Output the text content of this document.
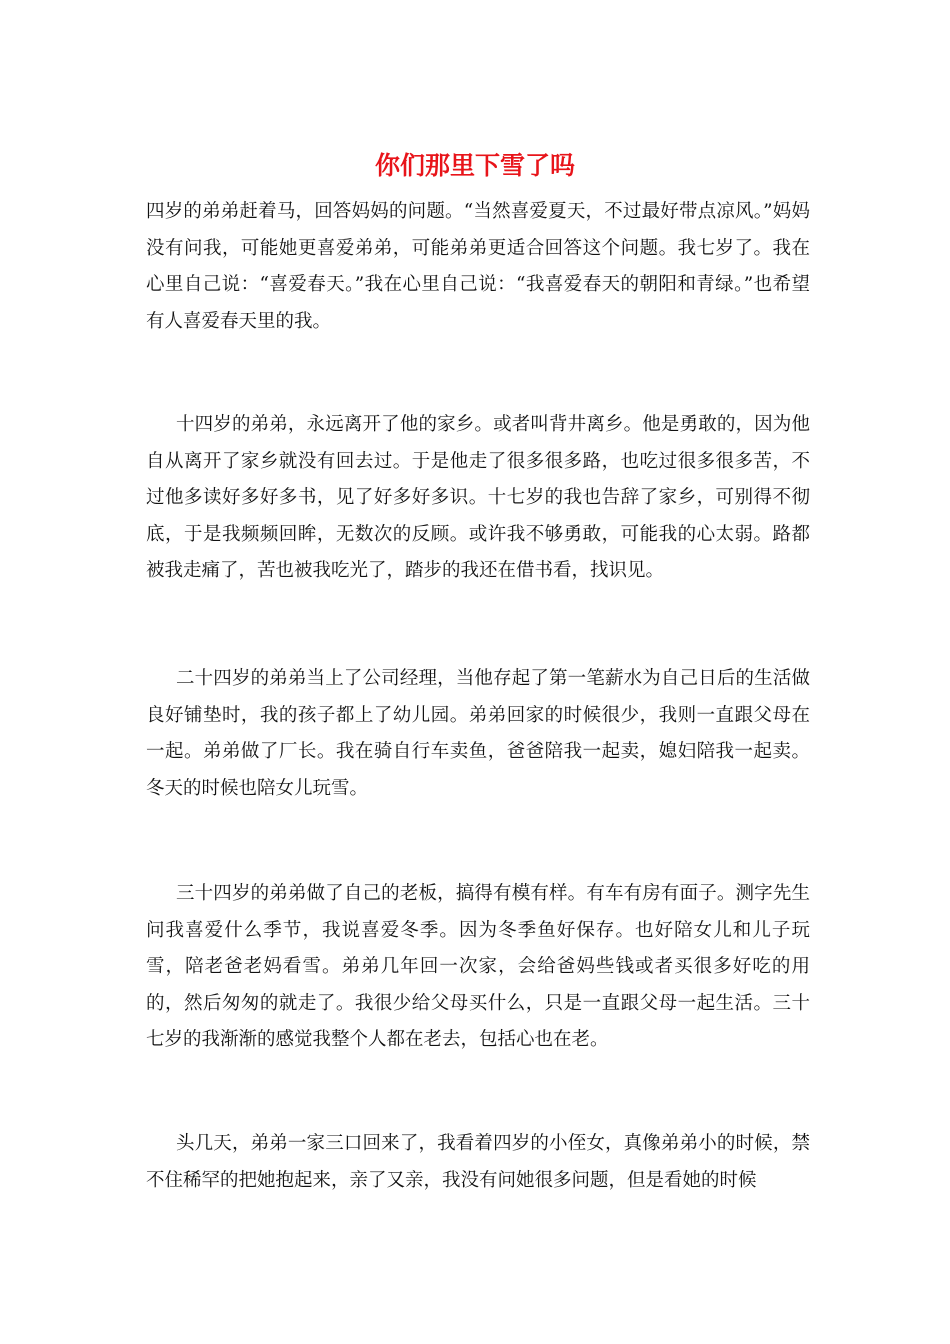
你们那里下雪了吗

四岁的弟弟赶着马，回答妈妈的问题。“当然喜爱夏天，不过最好带点凉风。”妈妈没有问我，可能她更喜爱弟弟，可能弟弟更适合回答这个问题。我七岁了。我在心里自己说：“喜爱春天。”我在心里自己说：“我喜爱春天的朝阳和青绿。”也希望有人喜爱春天里的我。

十四岁的弟弟，永远离开了他的家乡。或者叫背井离乡。他是勇敢的，因为他自从离开了家乡就没有回去过。于是他走了很多很多路，也吃过很多很多苦，不过他多读好多好多书，见了好多好多识。十七岁的我也告辞了家乡，可别得不彻底，于是我频频回眸，无数次的反顾。或许我不够勇敢，可能我的心太弱。路都被我走痛了，苦也被我吃光了，踏步的我还在借书看，找识见。

二十四岁的弟弟当上了公司经理，当他存起了第一笔薪水为自己日后的生活做良好铺垫时，我的孩子都上了幼儿园。弟弟回家的时候很少，我则一直跟父母在一起。弟弟做了厂长。我在骑自行车卖鱼，爸爸陪我一起卖，媳妇陪我一起卖。冬天的时候也陪女儿玩雪。

三十四岁的弟弟做了自己的老板，搞得有模有样。有车有房有面子。测字先生问我喜爱什么季节，我说喜爱冬季。因为冬季鱼好保存。也好陪女儿和儿子玩雪，陪老爸老妈看雪。弟弟几年回一次家，会给爸妈些钱或者买很多好吃的用的，然后匆匆的就走了。我很少给父母买什么，只是一直跟父母一起生活。三十七岁的我渐渐的感觉我整个人都在老去，包括心也在老。

头几天，弟弟一家三口回来了，我看着四岁的小侄女，真像弟弟小的时候，禁不住稀罕的把她抱起来，亲了又亲，我没有问她很多问题，但是看她的时候
